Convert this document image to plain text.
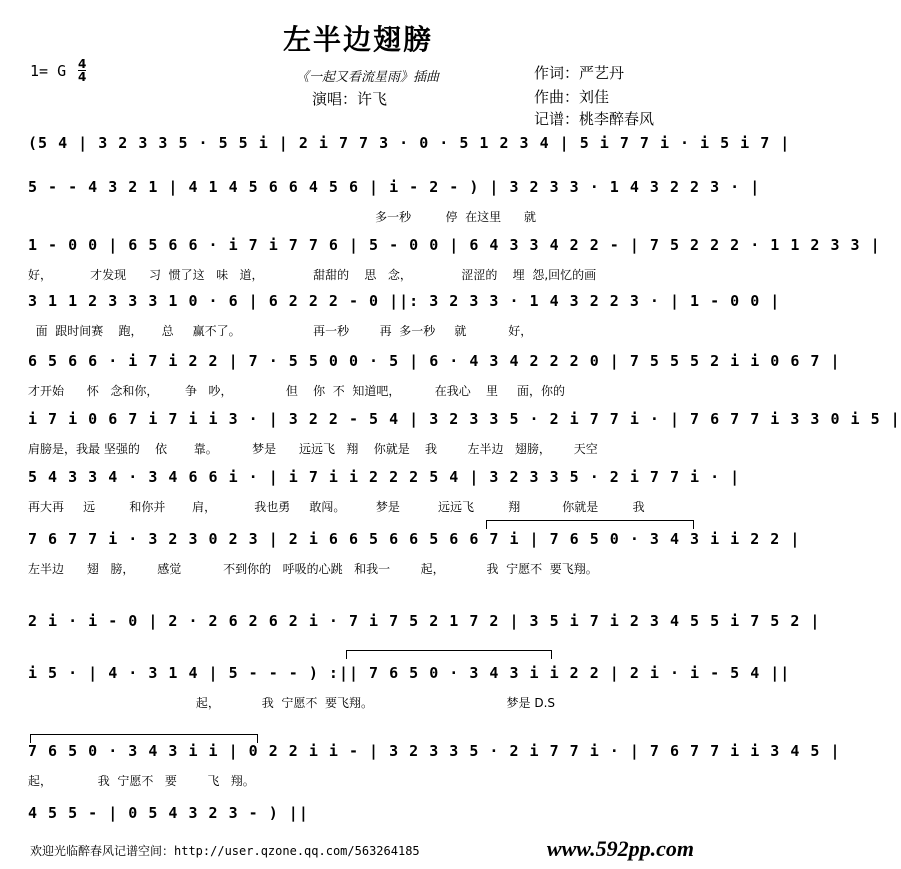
左半边翅膀
1= G $\frac{4}{4}$	《一起又看流星雨》插曲
演唱：许飞
作词：严艺丹
作曲：刘佳
记谱：桃李醉春风
(5 4 | 3 2 3 3 5 · 5 5 i | 2 i 7 7 3 · 0 · 5 1 2 3 4 | 5 i 7 7 i · i 5 i 7 |
5 - - 4 3 2 1 | 4 1 4 5 6 6 4 5 6 | i - 2 - ) | 3 2 3 3 · 1 4 3 2 2 3 · |
多一秒         停  在这里      就
1 - 0 0 | 6 5 6 6 · i 7 i 7 7 6 | 5 - 0 0 | 6 4 3 3 4 2 2 - | 7 5 2 2 2 · 1 1 2 3 3 |
好，          才发现      习  惯了这   味   道，             甜甜的    思   念，             涩涩的    埋  怨,回忆的画
3 1 1 2 3 3 3 1 0 · 6 | 6 2 2 2 - 0 ||: 3 2 3 3 · 1 4 3 2 2 3 · | 1 - 0 0 |
面  跟时间赛    跑，     总     赢不了。                   再一秒        再  多一秒     就           好，
6 5 6 6 · i 7 i 2 2 | 7 · 5 5 0 0 · 5 | 6 · 4 3 4 2 2 2 0 | 7 5 5 5 2 i i 0 6 7 |
才开始      怀   念和你，       争   吵，              但    你  不  知道吧，         在我心    里     面，你的
i 7 i 0 6 7 i 7 i i 3 · | 3 2 2 - 5 4 | 3 2 3 3 5 · 2 i 7 7 i · | 7 6 7 7 i 3 3 0 i 5 |
肩膀是，我最 坚强的    依       靠。         梦是      远远飞   翔    你就是    我        左半边   翅膀，      天空
5 4 3 3 4 · 3 4 6 6 i · | i 7 i i 2 2 2 5 4 | 3 2 3 3 5 · 2 i 7 7 i · |
再大再     远         和你并       肩，          我也勇     敢闯。        梦是          远远飞         翔           你就是         我
7 6 7 7 i · 3 2 3 0 2 3 | 2 i 6 6 5 6 6 5 6 6 7 i | 7 6 5 0 · 3 4 3 i i 2 2 |
左半边      翅   膀，      感觉           不到你的   呼吸的心跳   和我一        起，           我  宁愿不  要飞翔。
2 i · i - 0 | 2 · 2 6 2 6 2 i · 7 i 7 5 2 1 7 2 | 3 5 i 7 i 2 3 4 5 5 i 7 5 2 |
i 5 · | 4 · 3 1 4 | 5 - - - ) :|| 7 6 5 0 · 3 4 3 i i 2 2 | 2 i · i - 5 4 ||
起，           我  宁愿不  要飞翔。                                   梦是 D.S
7 6 5 0 · 3 4 3 i i | 0 2 2 i i - | 3 2 3 3 5 · 2 i 7 7 i · | 7 6 7 7 i i 3 4 5 |
起，            我  宁愿不   要        飞   翔。
4 5 5 - | 0 5 4 3 2 3 - ) ||
欢迎光临醉春风记谱空间：http://user.qzone.qq.com/563264185	www.592pp.com
